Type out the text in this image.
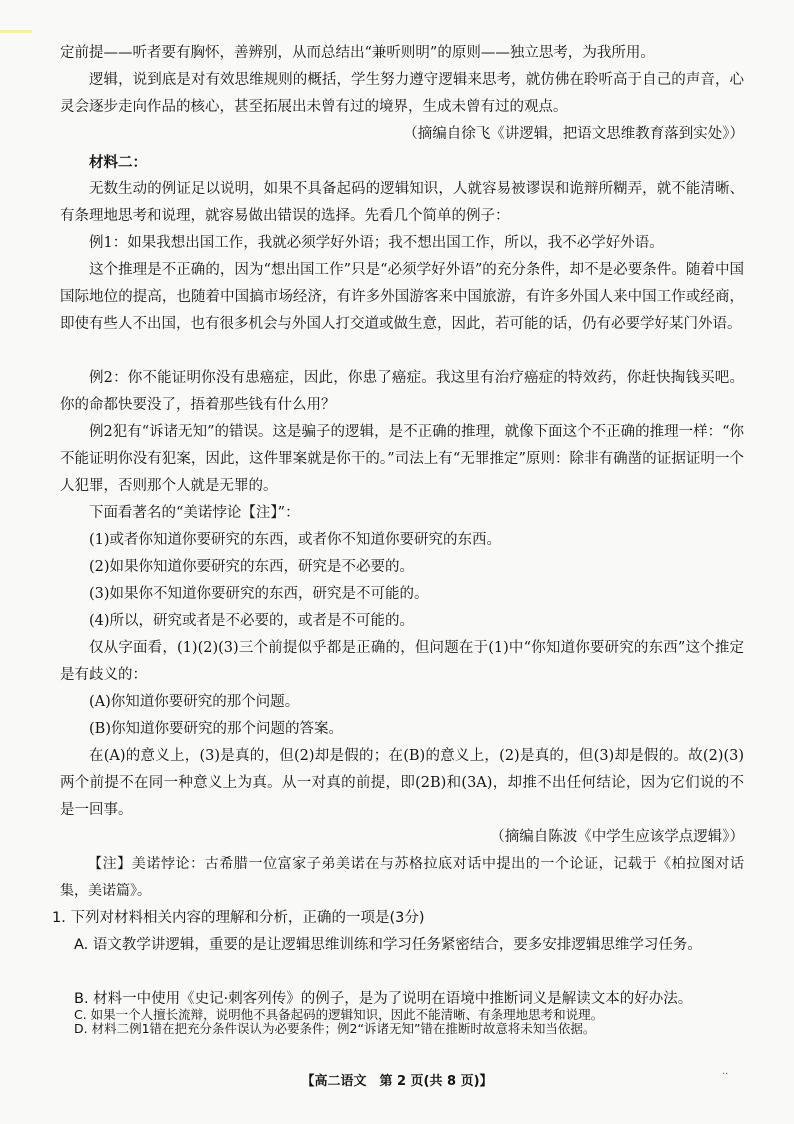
定前提——听者要有胸怀，善辨别，从而总结出“兼听则明”的原则——独立思考，为我所用。

逻辑，说到底是对有效思维规则的概括，学生努力遵守逻辑来思考，就仿佛在聆听高于自己的声音，心灵会逐步走向作品的核心，甚至拓展出未曾有过的境界，生成未曾有过的观点。

（摘编自徐飞《讲逻辑，把语文思维教育落到实处》）

材料二：

无数生动的例证足以说明，如果不具备起码的逻辑知识，人就容易被谬误和诡辩所糊弄，就不能清晰、有条理地思考和说理，就容易做出错误的选择。先看几个简单的例子：

例1：如果我想出国工作，我就必须学好外语；我不想出国工作，所以，我不必学好外语。

这个推理是不正确的，因为“想出国工作”只是“必须学好外语”的充分条件，却不是必要条件。随着中国国际地位的提高，也随着中国搞市场经济，有许多外国游客来中国旅游，有许多外国人来中国工作或经商，即使有些人不出国，也有很多机会与外国人打交道或做生意，因此，若可能的话，仍有必要学好某门外语。

例2：你不能证明你没有患癌症，因此，你患了癌症。我这里有治疗癌症的特效药，你赶快掏钱买吧。你的命都快要没了，捂着那些钱有什么用？

例2犯有“诉诸无知”的错误。这是骗子的逻辑，是不正确的推理，就像下面这个不正确的推理一样：“你不能证明你没有犯案，因此，这件罪案就是你干的。”司法上有“无罪推定”原则：除非有确凿的证据证明一个人犯罪，否则那个人就是无罪的。

下面看著名的“美诺悖论【注】”：

(1)或者你知道你要研究的东西，或者你不知道你要研究的东西。

(2)如果你知道你要研究的东西，研究是不必要的。

(3)如果你不知道你要研究的东西，研究是不可能的。

(4)所以，研究或者是不必要的，或者是不可能的。

仅从字面看，(1)(2)(3)三个前提似乎都是正确的，但问题在于(1)中“你知道你要研究的东西”这个推定是有歧义的：

(A)你知道你要研究的那个问题。

(B)你知道你要研究的那个问题的答案。

在(A)的意义上，(3)是真的，但(2)却是假的；在(B)的意义上，(2)是真的，但(3)却是假的。故(2)(3)两个前提不在同一种意义上为真。从一对真的前提，即(2B)和(3A)，却推不出任何结论，因为它们说的不是一回事。

（摘编自陈波《中学生应该学点逻辑》）

【注】美诺悖论：古希腊一位富家子弟美诺在与苏格拉底对话中提出的一个论证，记载于《柏拉图对话集，美诺篇》。

1. 下列对材料相关内容的理解和分析，正确的一项是(3分)

A. 语文教学讲逻辑，重要的是让逻辑思维训练和学习任务紧密结合，要多安排逻辑思维学习任务。

B. 材料一中使用《史记·刺客列传》的例子，是为了说明在语境中推断词义是解读文本的好办法。

【高二语文　第 2 页(共 8 页)】
..
C. 如果一个人擅长流辩，说明他不具备起码的逻辑知识，因此不能清晰、有条理地思考和说理。
D. 材料二例1错在把充分条件误认为必要条件；例2“诉诸无知”错在推断时故意将未知当依据。
